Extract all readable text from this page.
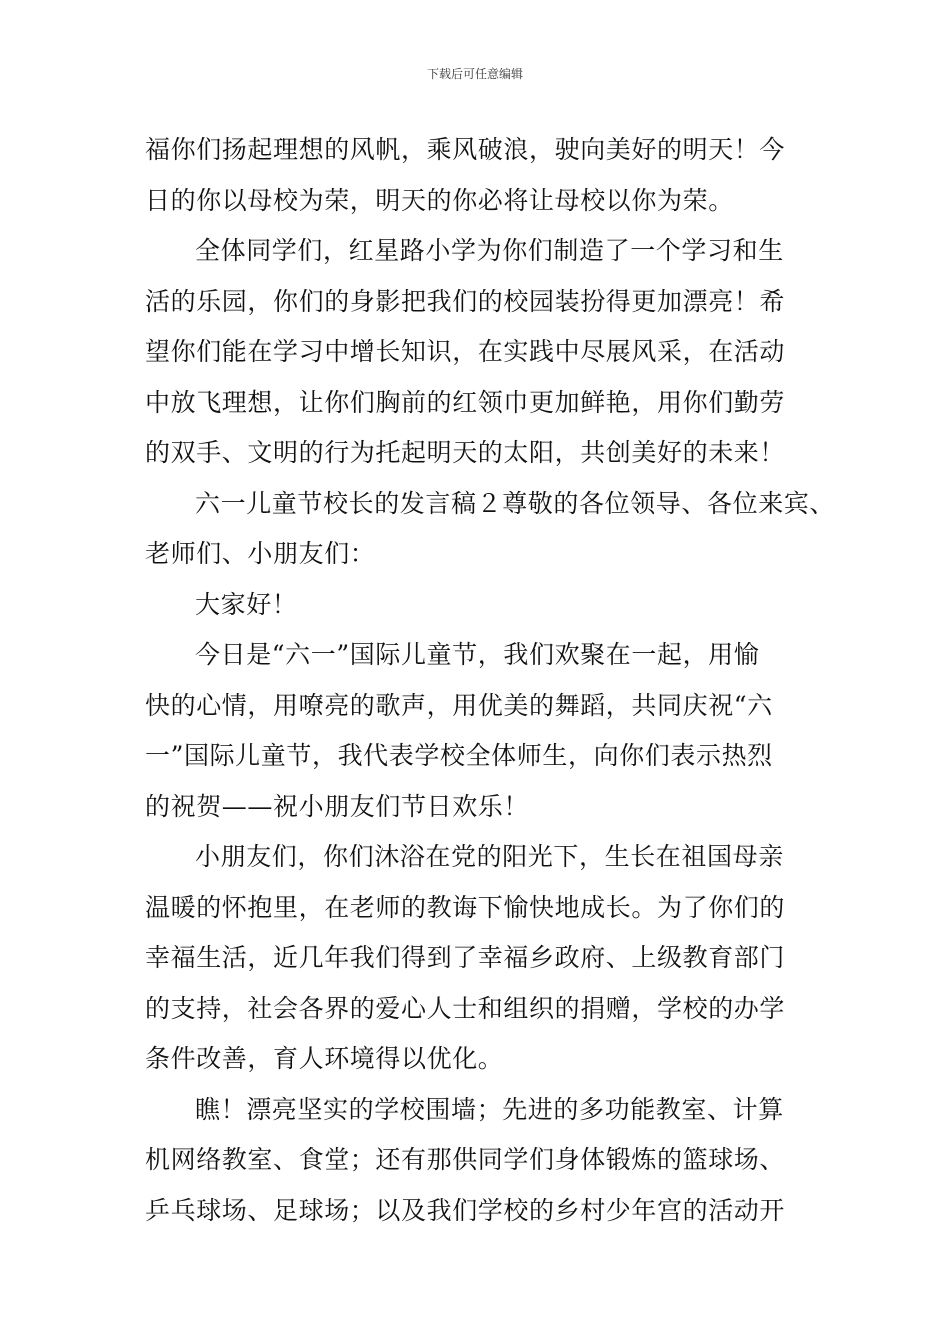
下载后可任意编辑
福你们扬起理想的风帆，乘风破浪，驶向美好的明天！今
日的你以母校为荣，明天的你必将让母校以你为荣。
全体同学们，红星路小学为你们制造了一个学习和生
活的乐园，你们的身影把我们的校园装扮得更加漂亮！希
望你们能在学习中增长知识，在实践中尽展风采，在活动
中放飞理想，让你们胸前的红领巾更加鲜艳，用你们勤劳
的双手、文明的行为托起明天的太阳，共创美好的未来！
六一儿童节校长的发言稿２尊敬的各位领导、各位来宾、
老师们、小朋友们：
大家好！
今日是“六一”国际儿童节，我们欢聚在一起，用愉
快的心情，用嘹亮的歌声，用优美的舞蹈，共同庆祝“六
一”国际儿童节，我代表学校全体师生，向你们表示热烈
的祝贺——祝小朋友们节日欢乐！
小朋友们，你们沐浴在党的阳光下，生长在祖国母亲
温暖的怀抱里，在老师的教诲下愉快地成长。为了你们的
幸福生活，近几年我们得到了幸福乡政府、上级教育部门
的支持，社会各界的爱心人士和组织的捐赠，学校的办学
条件改善，育人环境得以优化。
瞧！漂亮坚实的学校围墙；先进的多功能教室、计算
机网络教室、食堂；还有那供同学们身体锻炼的篮球场、
乒乓球场、足球场；以及我们学校的乡村少年宫的活动开
